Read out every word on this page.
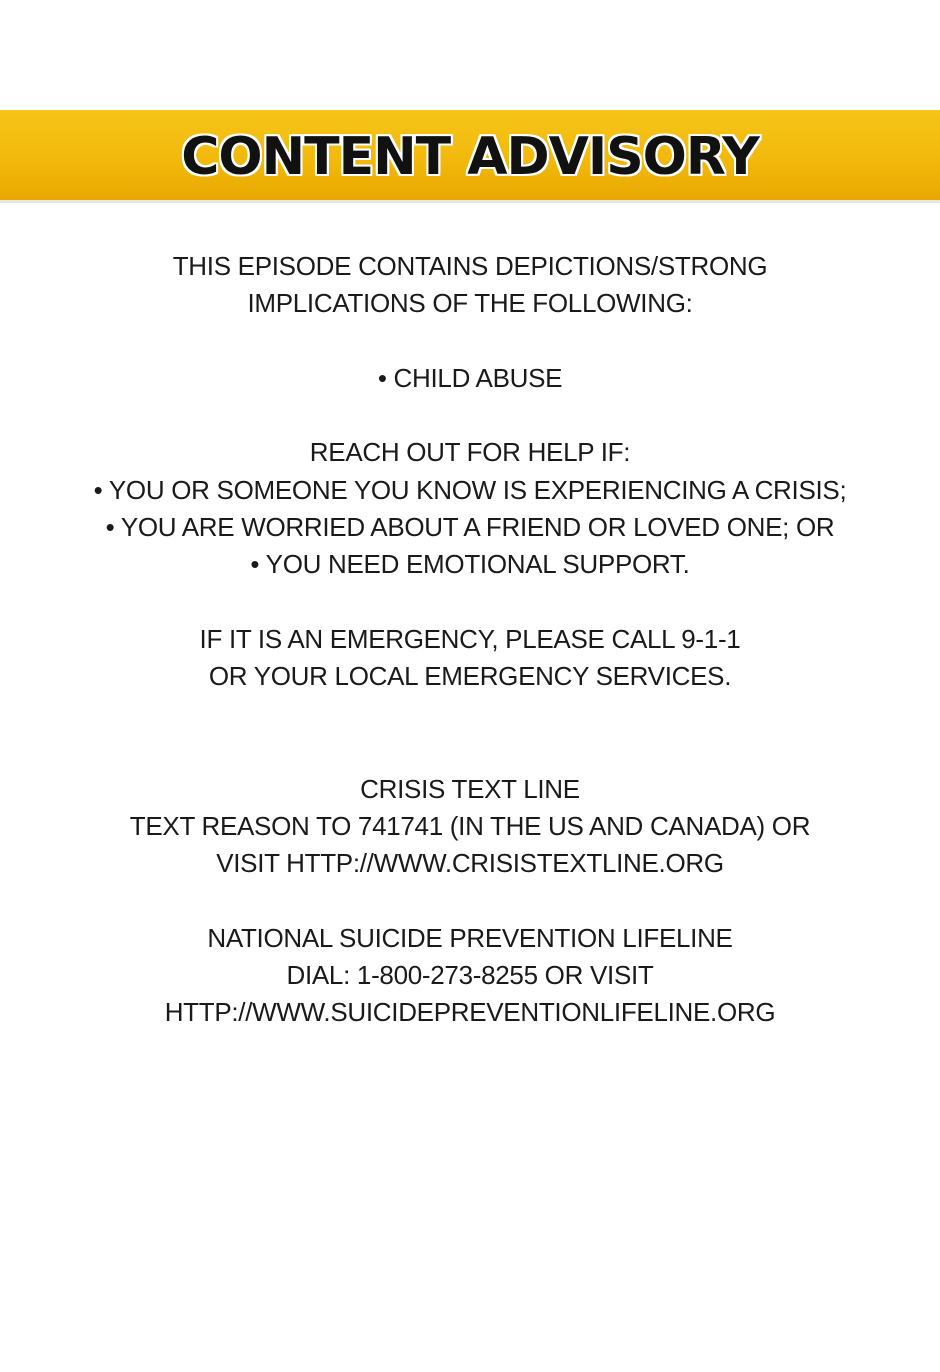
CONTENT ADVISORY
THIS EPISODE CONTAINS DEPICTIONS/STRONG
IMPLICATIONS OF THE FOLLOWING:
• CHILD ABUSE
REACH OUT FOR HELP IF:
• YOU OR SOMEONE YOU KNOW IS EXPERIENCING A CRISIS;
• YOU ARE WORRIED ABOUT A FRIEND OR LOVED ONE; OR
• YOU NEED EMOTIONAL SUPPORT.
IF IT IS AN EMERGENCY, PLEASE CALL 9-1-1
OR YOUR LOCAL EMERGENCY SERVICES.
CRISIS TEXT LINE
TEXT REASON TO 741741 (IN THE US AND CANADA) OR
VISIT HTTP://WWW.CRISISTEXTLINE.ORG
NATIONAL SUICIDE PREVENTION LIFELINE
DIAL: 1-800-273-8255 OR VISIT
HTTP://WWW.SUICIDEPREVENTIONLIFELINE.ORG
